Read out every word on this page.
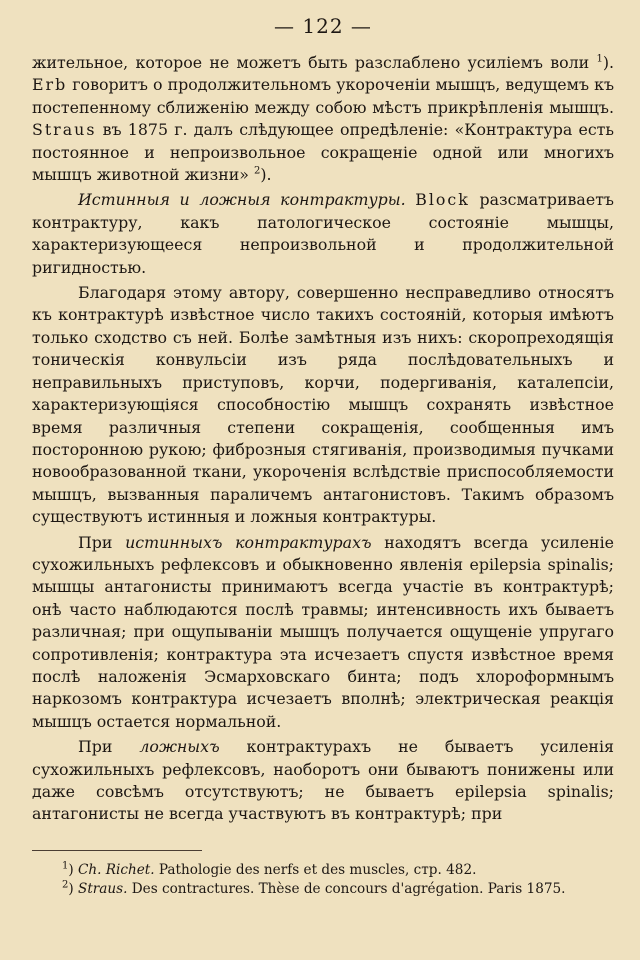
— 122 —

жительное, которое не можетъ быть разслаблено усиліемъ воли $^1$). Erb говоритъ о продолжительномъ укороченіи мышцъ, ведущемъ къ постепенному сближенію между собою мѣстъ прикрѣпленія мышцъ. Straus въ 1875 г. далъ слѣдующее опредѣленіе: «Контрактура есть постоянное и непроизвольное сокращеніе одной или многихъ мышцъ животной жизни» $^2$).

Истинныя и ложныя контрактуры. Block разсматриваетъ контрактуру, какъ патологическое состояніе мышцы, характеризующееся непроизвольной и продолжительной ригидностью.

Благодаря этому автору, совершенно несправедливо относятъ къ контрактурѣ извѣстное число такихъ состояній, которыя имѣютъ только сходство съ ней. Болѣе замѣтныя изъ нихъ: скоропреходящія тоническія конвульсіи изъ ряда послѣдовательныхъ и неправильныхъ приступовъ, корчи, подергиванія, каталепсіи, характеризующіяся способностію мышцъ сохранять извѣстное время различныя степени сокращенія, сообщенныя имъ посторонною рукою; фиброзныя стягиванія, производимыя пучками новообразованной ткани, укороченія вслѣдствіе приспособляемости мышцъ, вызванныя параличемъ антагонистовъ. Такимъ образомъ существуютъ истинныя и ложныя контрактуры.

При истинныхъ контрактурахъ находятъ всегда усиленіе сухожильныхъ рефлексовъ и обыкновенно явленія epilepsia spinalis; мышцы антагонисты принимаютъ всегда участіе въ контрактурѣ; онѣ часто наблюдаются послѣ травмы; интенсивность ихъ бываетъ различная; при ощупываніи мышцъ получается ощущеніе упругаго сопротивленія; контрактура эта исчезаетъ спустя извѣстное время послѣ наложенія Эсмарховскаго бинта; подъ хлороформнымъ наркозомъ контрактура исчезаетъ вполнѣ; электрическая реакція мышцъ остается нормальной.

При ложныхъ контрактурахъ не бываетъ усиленія сухожильныхъ рефлексовъ, наоборотъ они бываютъ понижены или даже совсѣмъ отсутствуютъ; не бываетъ epilepsia spinalis; антагонисты не всегда участвуютъ въ контрактурѣ; при

$^1$) Ch. Richet. Pathologie des nerfs et des muscles, стр. 482.

$^2$) Straus. Des contractures. Thèse de concours d'agrégation. Paris 1875.
